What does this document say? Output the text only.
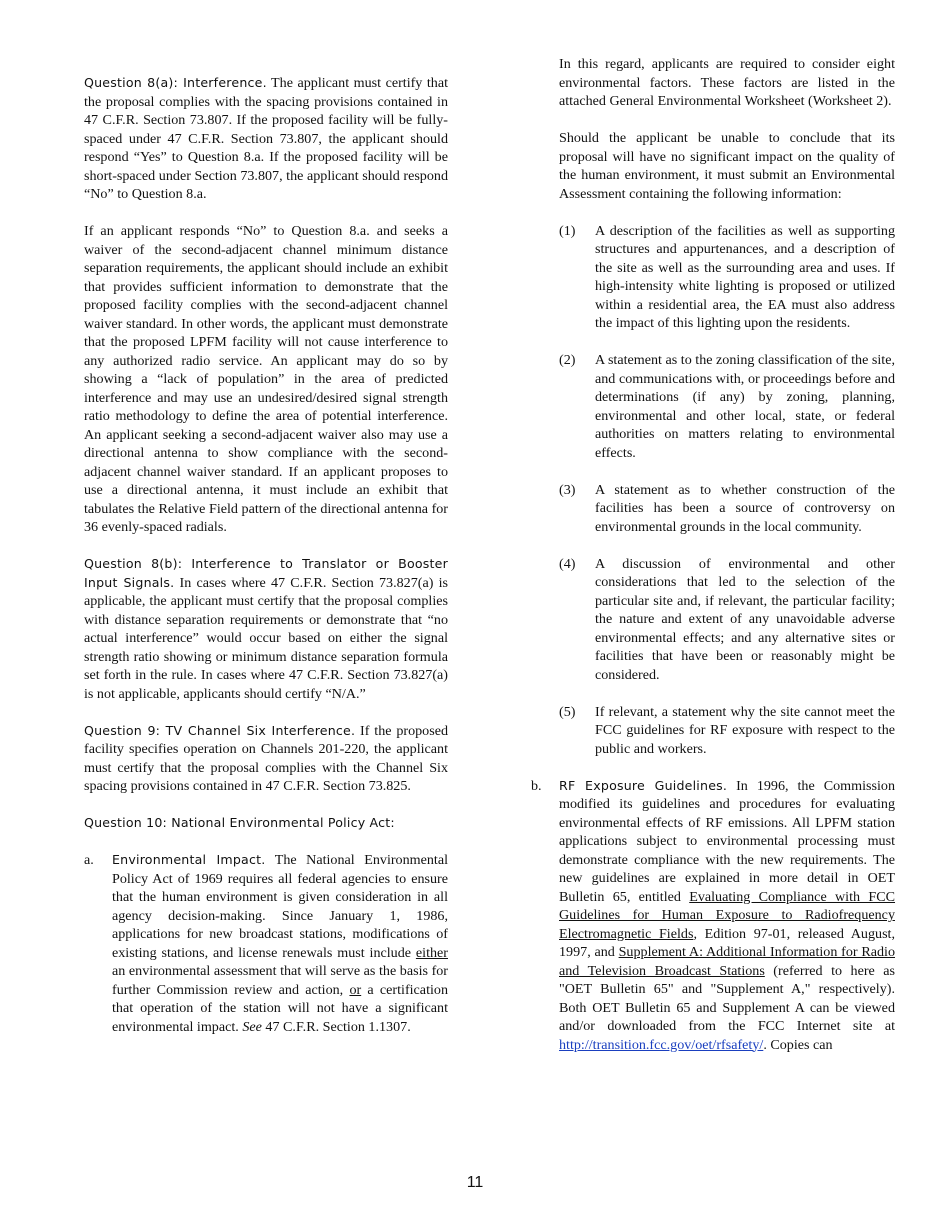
Question 8(a): Interference. The applicant must certify that the proposal complies with the spacing provisions contained in 47 C.F.R. Section 73.807. If the proposed facility will be fully-spaced under 47 C.F.R. Section 73.807, the applicant should respond “Yes” to Question 8.a. If the proposed facility will be short-spaced under Section 73.807, the applicant should respond “No” to Question 8.a.

If an applicant responds “No” to Question 8.a. and seeks a waiver of the second-adjacent channel minimum distance separation requirements, the applicant should include an exhibit that provides sufficient information to demonstrate that the proposed facility complies with the second-adjacent channel waiver standard. In other words, the applicant must demonstrate that the proposed LPFM facility will not cause interference to any authorized radio service. An applicant may do so by showing a “lack of population” in the area of predicted interference and may use an undesired/desired signal strength ratio methodology to define the area of potential interference. An applicant seeking a second-adjacent waiver also may use a directional antenna to show compliance with the second-adjacent channel waiver standard. If an applicant proposes to use a directional antenna, it must include an exhibit that tabulates the Relative Field pattern of the directional antenna for 36 evenly-spaced radials.

Question 8(b): Interference to Translator or Booster Input Signals. In cases where 47 C.F.R. Section 73.827(a) is applicable, the applicant must certify that the proposal complies with distance separation requirements or demonstrate that “no actual interference” would occur based on either the signal strength ratio showing or minimum distance separation formula set forth in the rule. In cases where 47 C.F.R. Section 73.827(a) is not applicable, applicants should certify “N/A.”

Question 9: TV Channel Six Interference. If the proposed facility specifies operation on Channels 201-220, the applicant must certify that the proposal complies with the Channel Six spacing provisions contained in 47 C.F.R. Section 73.825.

Question 10: National Environmental Policy Act:

a.	Environmental Impact. The National Environmental Policy Act of 1969 requires all federal agencies to ensure that the human environment is given consideration in all agency decision-making. Since January 1, 1986, applications for new broadcast stations, modifications of existing stations, and license renewals must include either an environmental assessment that will serve as the basis for further Commission review and action, or a certification that operation of the station will not have a significant environmental impact. See 47 C.F.R. Section 1.1307.

In this regard, applicants are required to consider eight environmental factors. These factors are listed in the attached General Environmental Worksheet (Worksheet 2).

Should the applicant be unable to conclude that its proposal will have no significant impact on the quality of the human environment, it must submit an Environmental Assessment containing the following information:

(1)	A description of the facilities as well as supporting structures and appurtenances, and a description of the site as well as the surrounding area and uses. If high-intensity white lighting is proposed or utilized within a residential area, the EA must also address the impact of this lighting upon the residents.

(2)	A statement as to the zoning classification of the site, and communications with, or proceedings before and determinations (if any) by zoning, planning, environmental and other local, state, or federal authorities on matters relating to environmental effects.

(3)	A statement as to whether construction of the facilities has been a source of controversy on environmental grounds in the local community.

(4)	A discussion of environmental and other considerations that led to the selection of the particular site and, if relevant, the particular facility; the nature and extent of any unavoidable adverse environmental effects; and any alternative sites or facilities that have been or reasonably might be considered.

(5)	If relevant, a statement why the site cannot meet the FCC guidelines for RF exposure with respect to the public and workers.

b.	RF Exposure Guidelines. In 1996, the Commission modified its guidelines and procedures for evaluating environmental effects of RF emissions. All LPFM station applications subject to environmental processing must demonstrate compliance with the new requirements. The new guidelines are explained in more detail in OET Bulletin 65, entitled Evaluating Compliance with FCC Guidelines for Human Exposure to Radiofrequency Electromagnetic Fields, Edition 97-01, released August, 1997, and Supplement A: Additional Information for Radio and Television Broadcast Stations (referred to here as "OET Bulletin 65" and "Supplement A," respectively). Both OET Bulletin 65 and Supplement A can be viewed and/or downloaded from the FCC Internet site at http://transition.fcc.gov/oet/rfsafety/. Copies can

11
